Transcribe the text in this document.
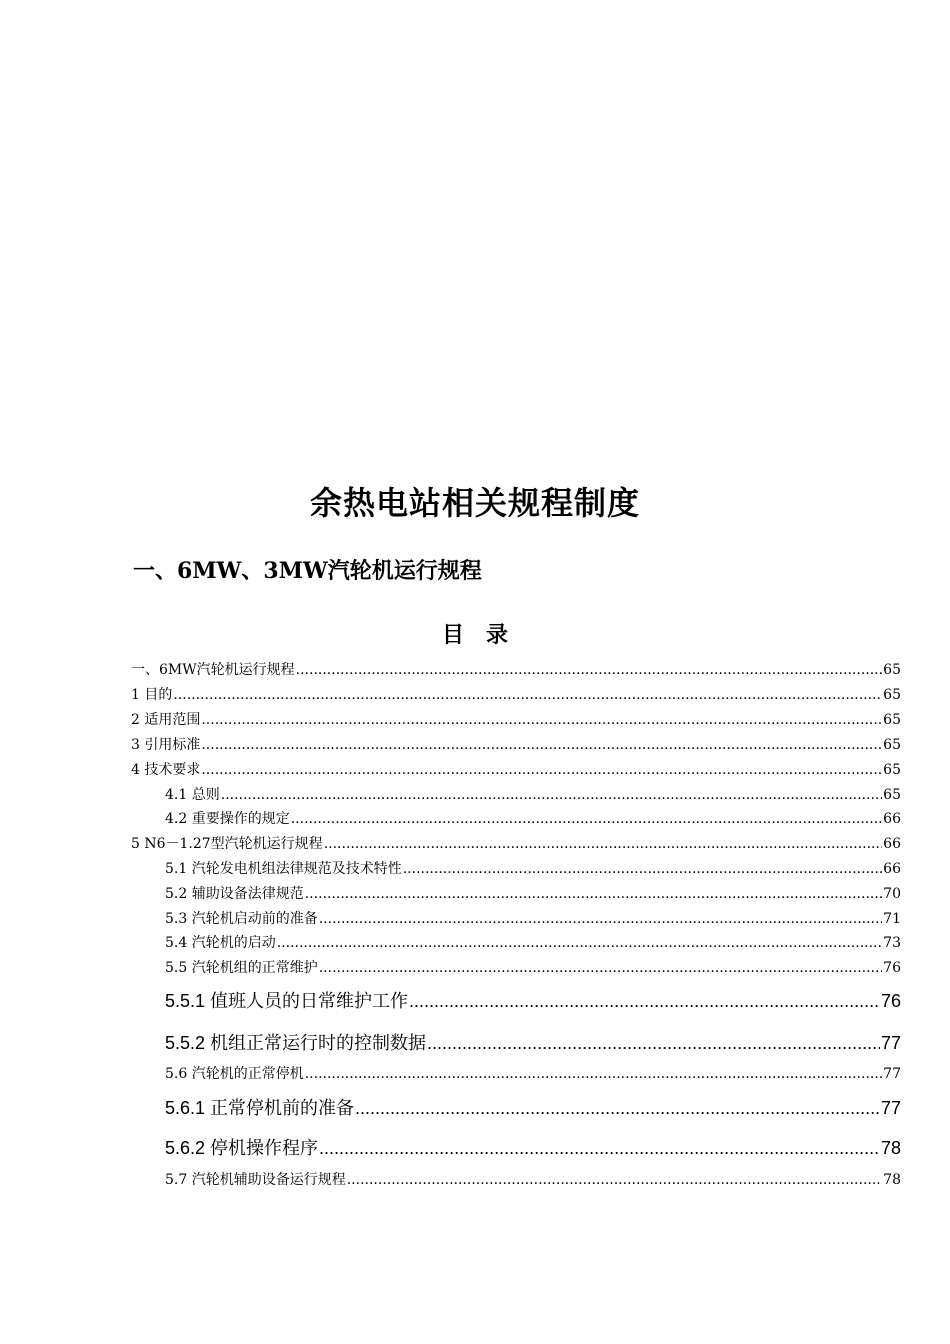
余热电站相关规程制度
一、6MW、3MW汽轮机运行规程
目　录
一、6MW汽轮机运行规程 .....	65
1 目的 .....	65
2 适用范围 .....	65
3 引用标准 .....	65
4 技术要求 .....	65
4.1 总则 .....	65
4.2 重要操作的规定 .....	66
5 N6－1.27型汽轮机运行规程 .....	66
5.1 汽轮发电机组法律规范及技术特性 .....	66
5.2 辅助设备法律规范 .....	70
5.3 汽轮机启动前的准备 .....	71
5.4 汽轮机的启动 .....	73
5.5 汽轮机组的正常维护 .....	76
5.5.1 值班人员的日常维护工作 .....	76
5.5.2 机组正常运行时的控制数据 .....	77
5.6 汽轮机的正常停机 .....	77
5.6.1 正常停机前的准备 .....	77
5.6.2 停机操作程序 .....	78
5.7 汽轮机辅助设备运行规程 .....	78
